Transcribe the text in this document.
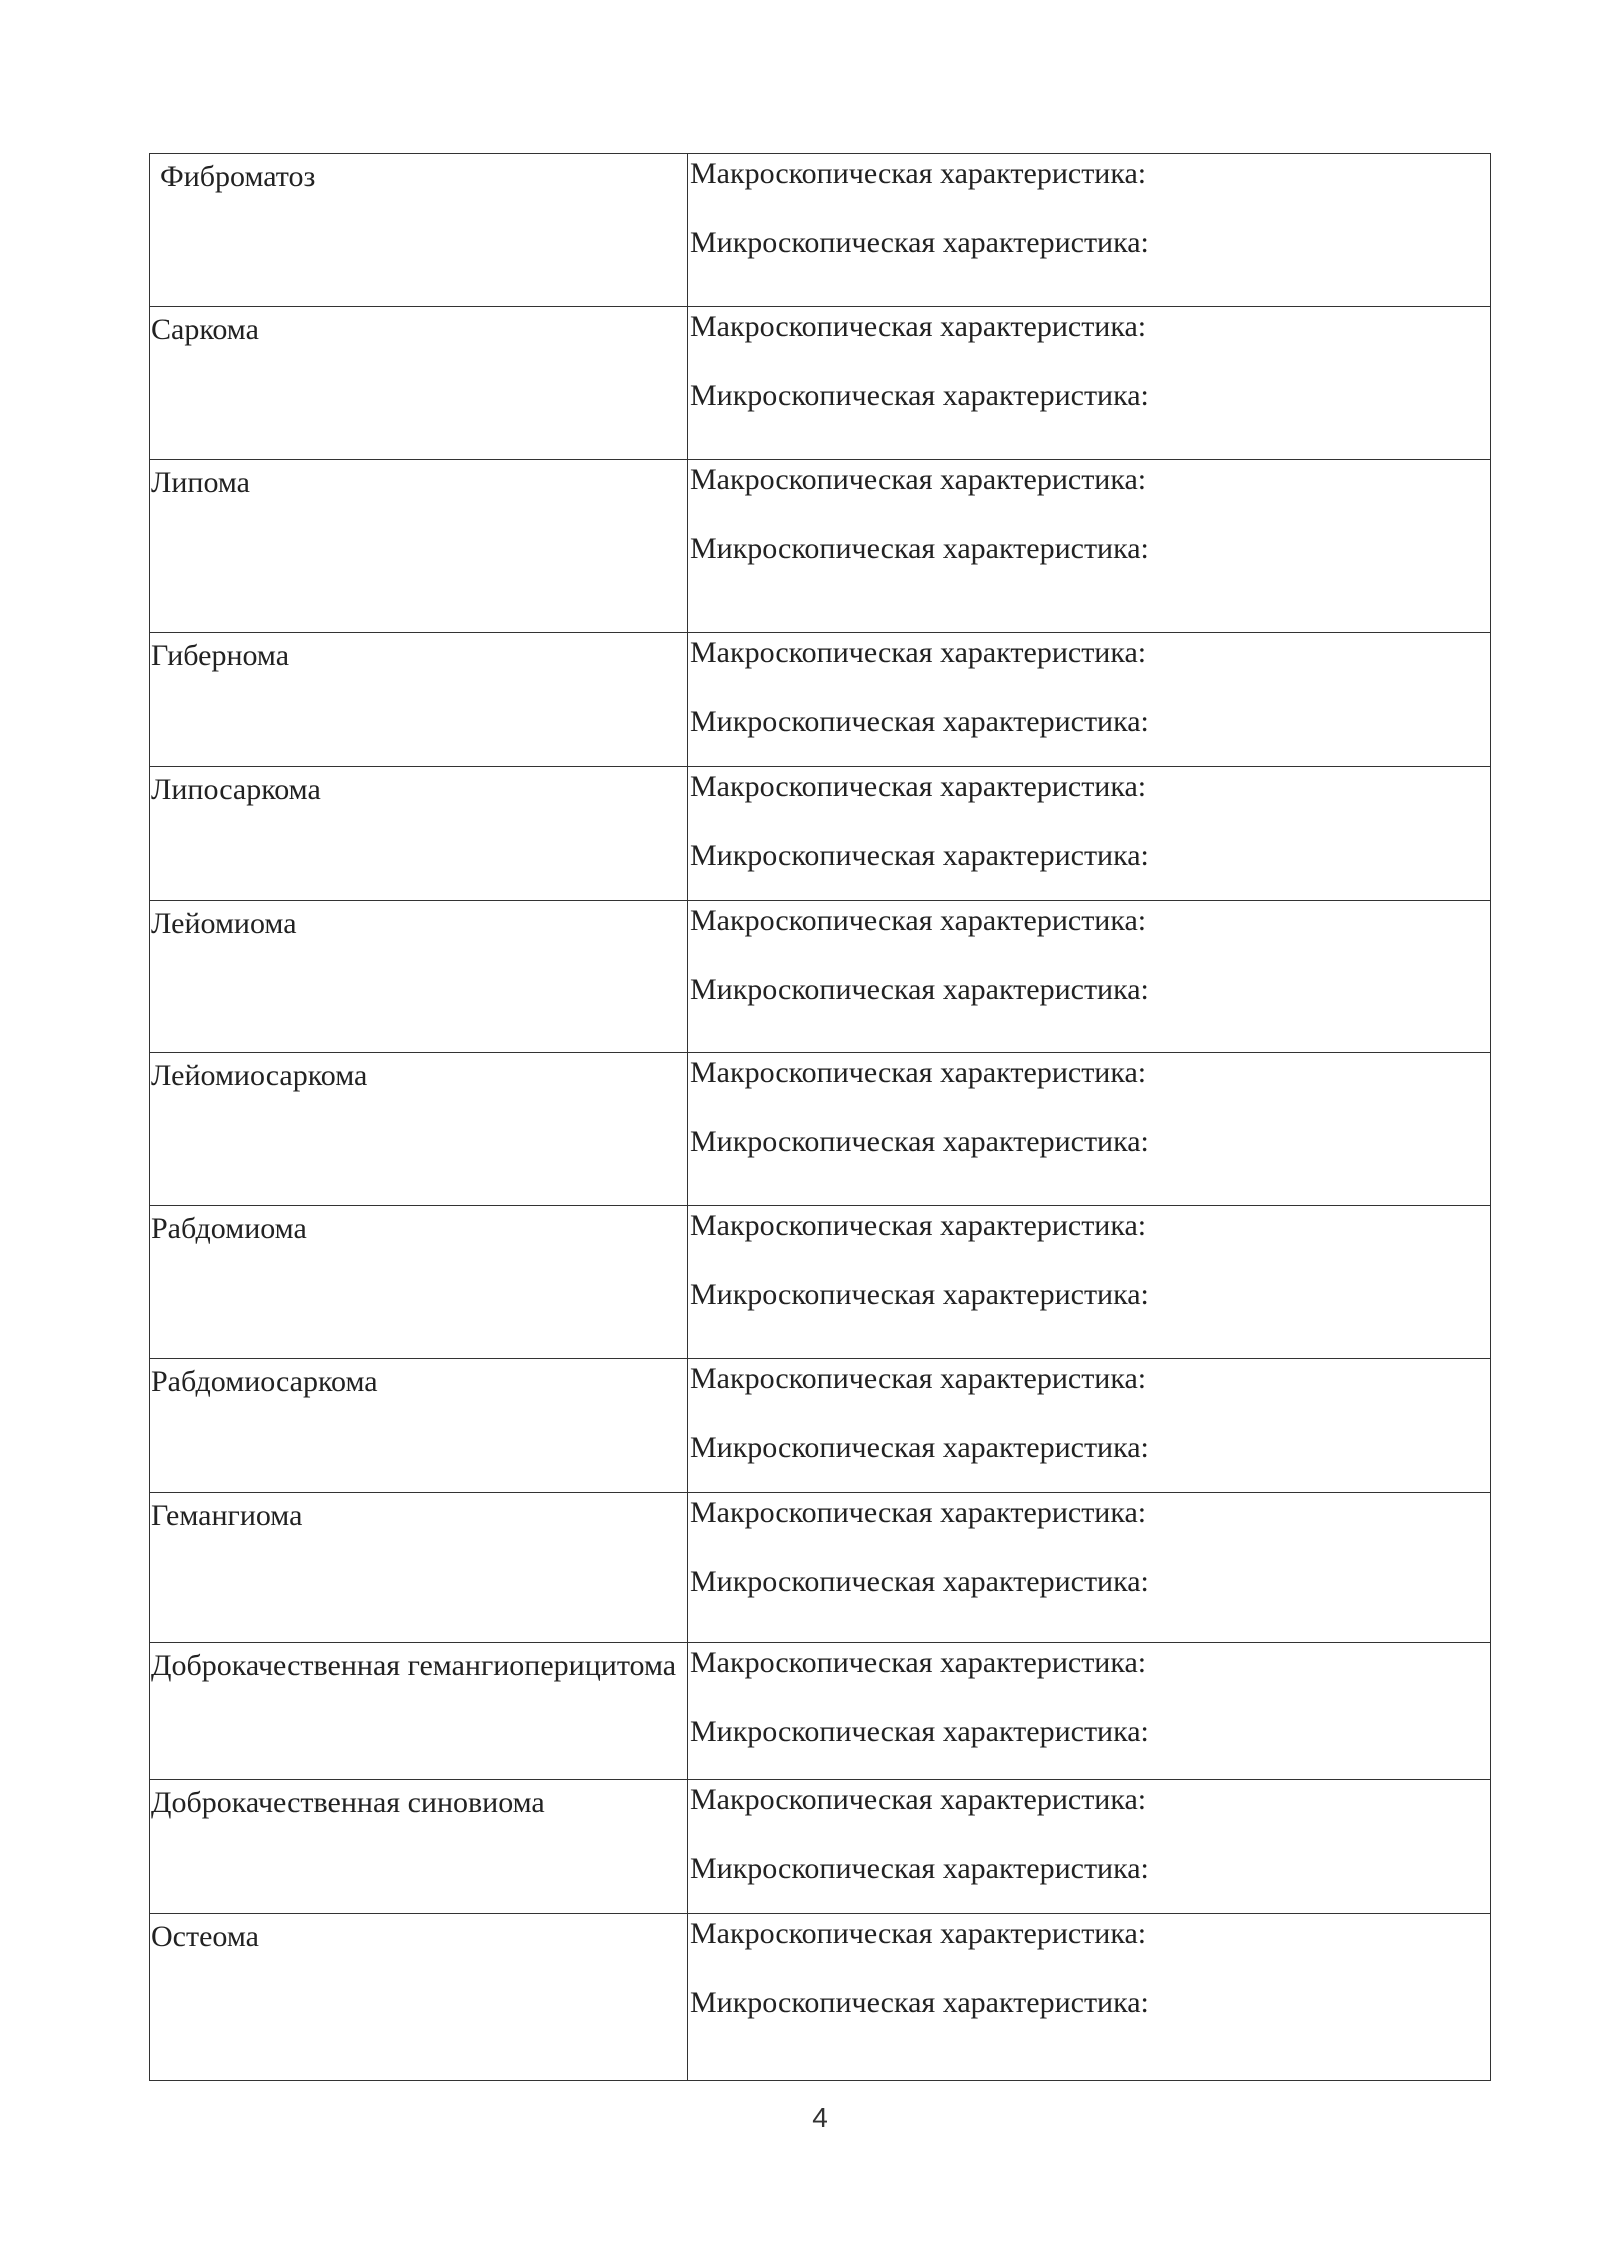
Фиброматоз	Макроскопическая характеристика:
Микроскопическая характеристика:

Саркома	Макроскопическая характеристика:
Микроскопическая характеристика:

Липома	Макроскопическая характеристика:
Микроскопическая характеристика:

Гибернома	Макроскопическая характеристика:
Микроскопическая характеристика:

Липосаркома	Макроскопическая характеристика:
Микроскопическая характеристика:

Лейомиома	Макроскопическая характеристика:
Микроскопическая характеристика:

Лейомиосаркома	Макроскопическая характеристика:
Микроскопическая характеристика:

Рабдомиома	Макроскопическая характеристика:
Микроскопическая характеристика:

Рабдомиосаркома	Макроскопическая характеристика:
Микроскопическая характеристика:

Гемангиома	Макроскопическая характеристика:
Микроскопическая характеристика:

Доброкачественная гемангиоперицитома	Макроскопическая характеристика:
Микроскопическая характеристика:

Доброкачественная синовиома	Макроскопическая характеристика:
Микроскопическая характеристика:

Остеома	Макроскопическая характеристика:
Микроскопическая характеристика:
4
